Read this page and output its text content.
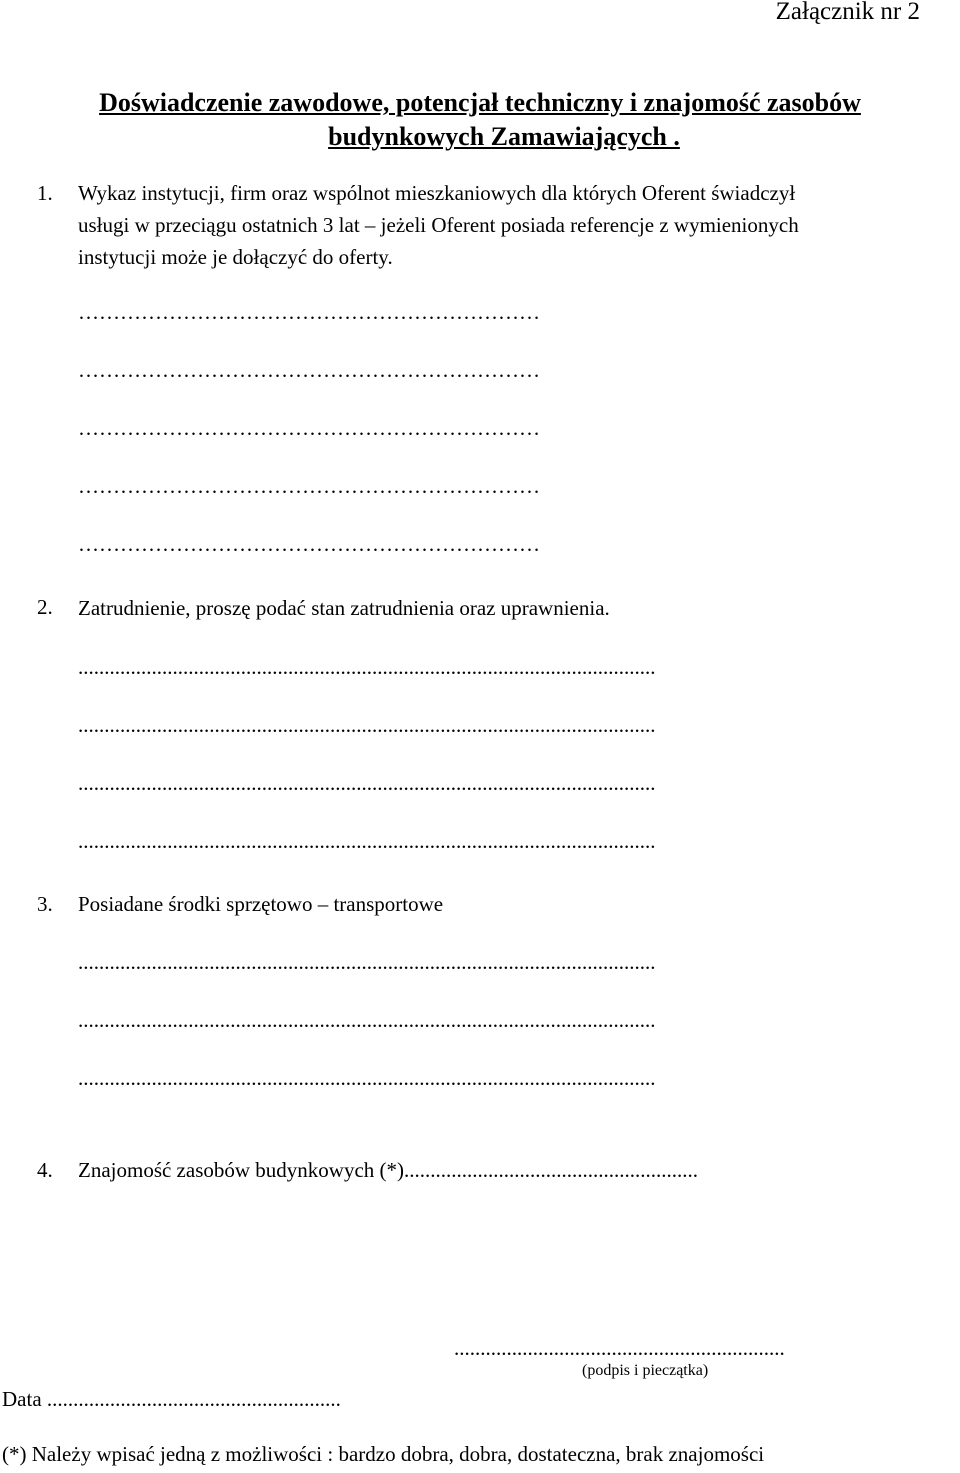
Załącznik nr 2
Doświadczenie zawodowe, potencjał techniczny i znajomość zasobów
budynkowych Zamawiających .
1. Wykaz instytucji, firm oraz wspólnot mieszkaniowych dla których Oferent świadczył
usługi w przeciągu ostatnich 3 lat – jeżeli Oferent posiada referencje z wymienionych
instytucji może je dołączyć do oferty.
…………………………………………………………
…………………………………………………………
…………………………………………………………
…………………………………………………………
…………………………………………………………
2. Zatrudnienie, proszę podać stan zatrudnienia oraz uprawnienia.
..............................................................................................................
..............................................................................................................
..............................................................................................................
..............................................................................................................
3. Posiadane środki sprzętowo – transportowe
..............................................................................................................
..............................................................................................................
..............................................................................................................
4. Znajomość zasobów budynkowych (*)........................................................
...............................................................
(podpis i pieczątka)
Data ........................................................
(*) Należy wpisać jedną z możliwości : bardzo dobra, dobra, dostateczna, brak znajomości
